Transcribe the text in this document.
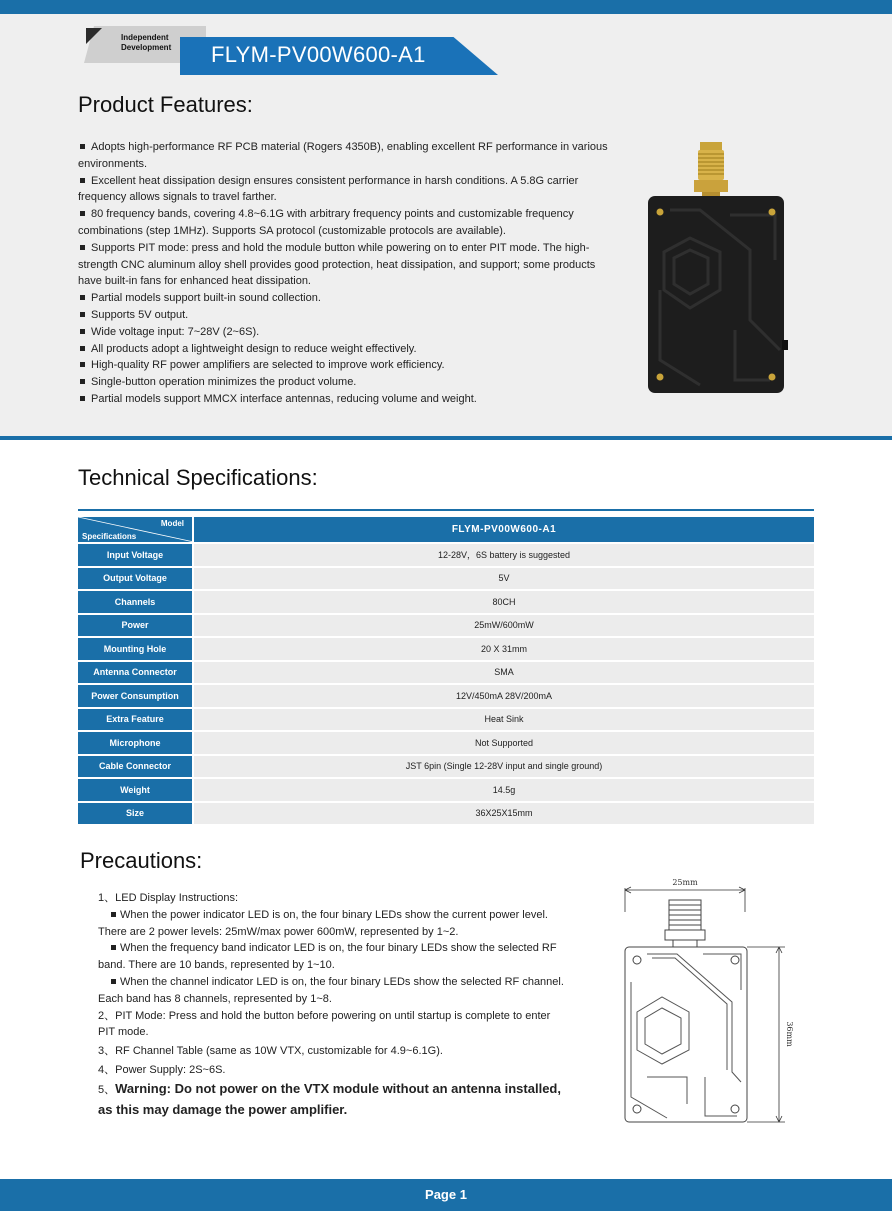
Independent Development	FLYM-PV00W600-A1
Product Features:
Adopts high-performance RF PCB material (Rogers 4350B), enabling excellent RF performance in various environments.
Excellent heat dissipation design ensures consistent performance in harsh conditions. A 5.8G carrier frequency allows signals to travel farther.
80 frequency bands, covering 4.8~6.1G with arbitrary frequency points and customizable frequency combinations (step 1MHz). Supports SA protocol (customizable protocols are available).
Supports PIT mode: press and hold the module button while powering on to enter PIT mode. The high-strength CNC aluminum alloy shell provides good protection, heat dissipation, and support; some products have built-in fans for enhanced heat dissipation.
Partial models support built-in sound collection.
Supports 5V output.
Wide voltage input: 7~28V (2~6S).
All products adopt a lightweight design to reduce weight effectively.
High-quality RF power amplifiers are selected to improve work efficiency.
Single-button operation minimizes the product volume.
Partial models support MMCX interface antennas, reducing volume and weight.
Technical Specifications:
Model
Specifications	FLYM-PV00W600-A1
Input Voltage	12-28V，6S battery is suggested
Output Voltage	5V
Channels	80CH
Power	25mW/600mW
Mounting Hole	20 X 31mm
Antenna Connector	SMA
Power Consumption	12V/450mA 28V/200mA
Extra Feature	Heat Sink
Microphone	Not Supported
Cable Connector	JST 6pin (Single 12-28V input and single ground)
Weight	14.5g
Size	36X25X15mm
Precautions:
1、LED Display Instructions:
When the power indicator LED is on, the four binary LEDs show the current power level. There are 2 power levels: 25mW/max power 600mW, represented by 1~2.
When the frequency band indicator LED is on, the four binary LEDs show the selected RF band. There are 10 bands, represented by 1~10.
When the channel indicator LED is on, the four binary LEDs show the selected RF channel. Each band has 8 channels, represented by 1~8.
2、PIT Mode: Press and hold the button before powering on until startup is complete to enter PIT mode.
3、RF Channel Table (same as 10W VTX, customizable for 4.9~6.1G).
4、Power Supply: 2S~6S.
5、Warning: Do not power on the VTX module without an antenna installed, as this may damage the power amplifier.
25mm
36mm
Page 1
